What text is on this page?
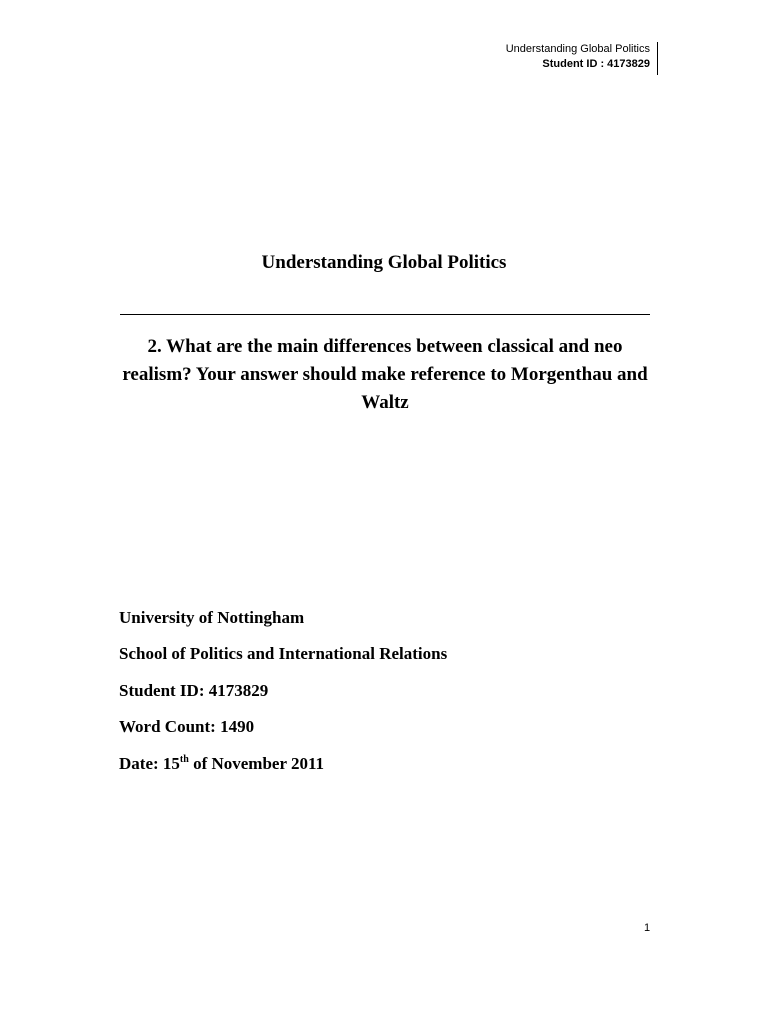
Understanding Global Politics
Student ID : 4173829
Understanding Global Politics
2. What are the main differences between classical and neo realism? Your answer should make reference to Morgenthau and Waltz
University of Nottingham
School of Politics and International Relations
Student ID: 4173829
Word Count: 1490
Date: 15th of November 2011
1
